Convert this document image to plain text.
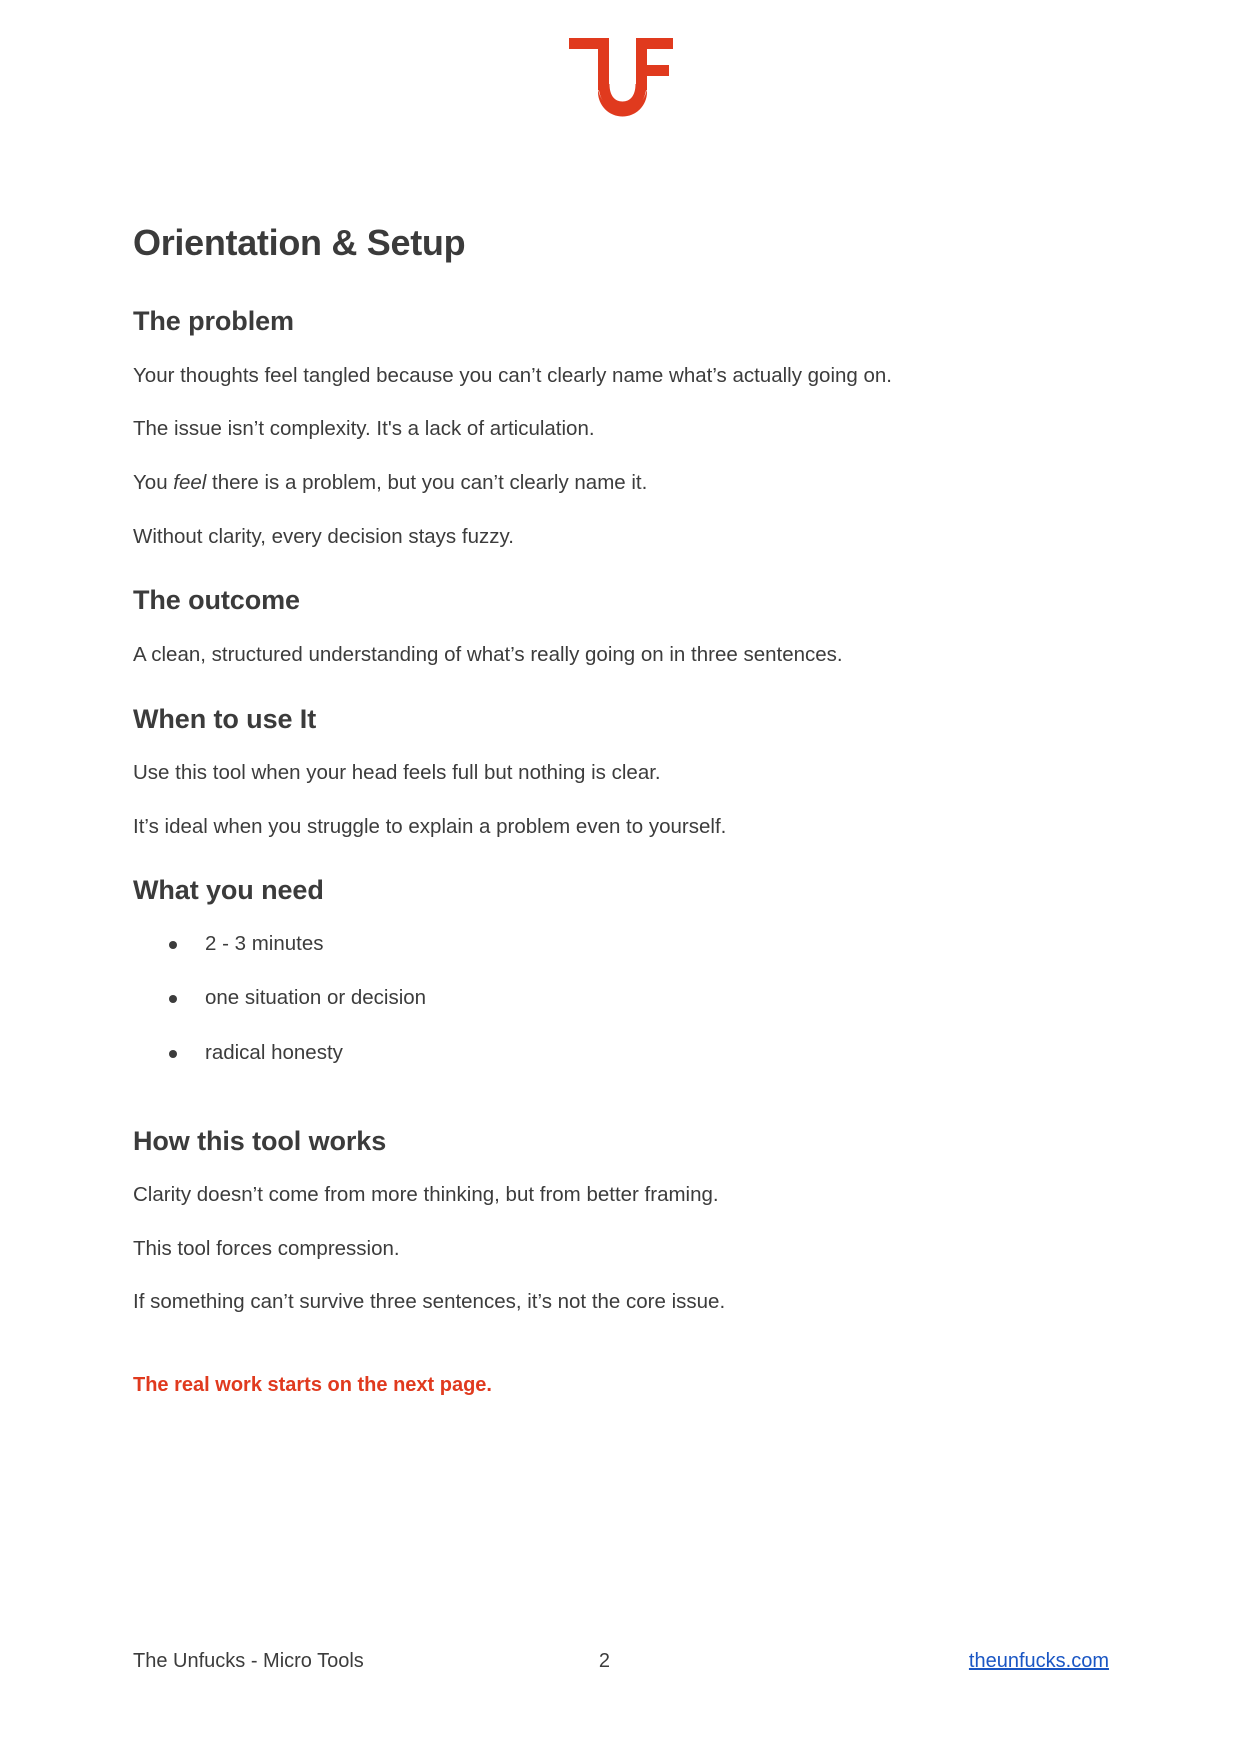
Orientation & Setup
The problem

Your thoughts feel tangled because you can’t clearly name what’s actually going on.

The issue isn’t complexity. It's a lack of articulation.

You feel there is a problem, but you can’t clearly name it.

Without clarity, every decision stays fuzzy.

The outcome

A clean, structured understanding of what’s really going on in three sentences.

When to use It

Use this tool when your head feels full but nothing is clear.

It’s ideal when you struggle to explain a problem even to yourself.

What you need
2 - 3 minutes
one situation or decision
radical honesty
How this tool works

Clarity doesn’t come from more thinking, but from better framing.

This tool forces compression.

If something can’t survive three sentences, it’s not the core issue.

The real work starts on the next page.

The Unfucks - Micro Tools	2	theunfucks.com
